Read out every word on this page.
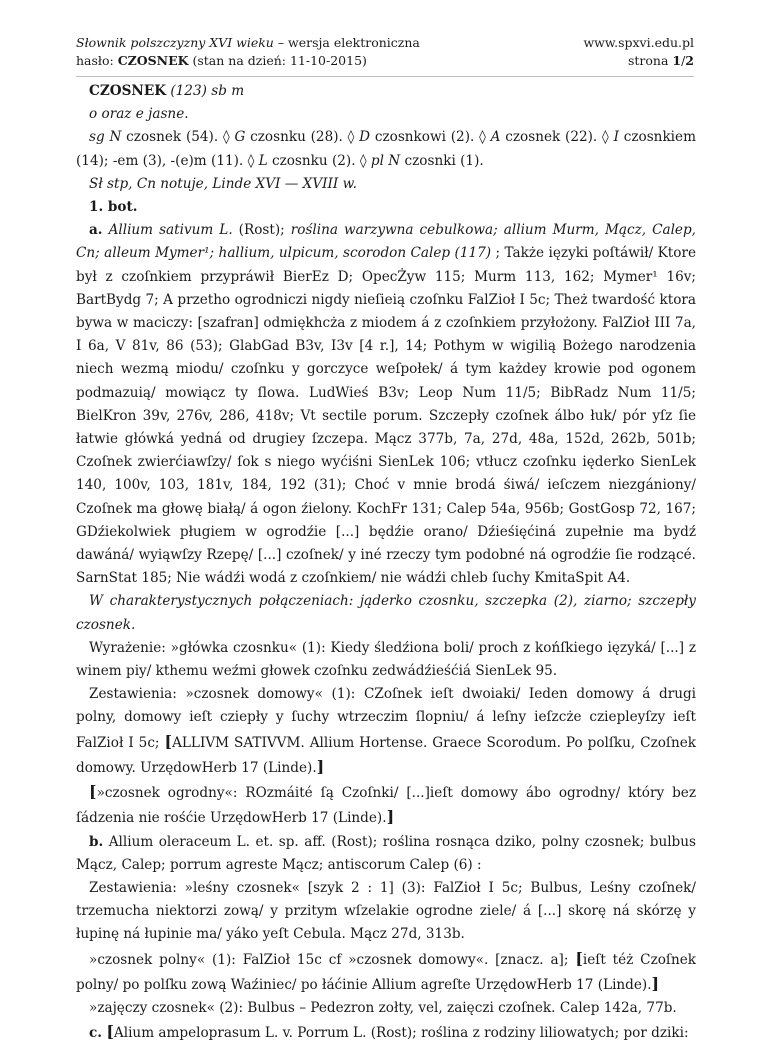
Słownik polszczyzny XVI wieku – wersja elektroniczna
hasło: CZOSNEK (stan na dzień: 11-10-2015)
www.spxvi.edu.pl
strona 1/2

CZOSNEK (123) sb m

o oraz e jasne.

sg N czosnek (54). ◊ G czosnku (28). ◊ D czosnkowi (2). ◊ A czosnek (22). ◊ I czosnkiem (14); -em (3), -(e)m (11). ◊ L czosnku (2). ◊ pl N czosnki (1).

Sł stp, Cn notuje, Linde XVI — XVIII w.

1. bot.

a. Allium sativum L. (Rost); roślina warzywna cebulkowa; allium Murm, Mącz, Calep, Cn; alleum Mymer¹; hallium, ulpicum, scorodon Calep (117) ; Także ięzyki poſtáwił/ Ktore był z czoſnkiem przypráwił BierEz D; OpecŻyw 115; Murm 113, 162; Mymer¹ 16v; BartBydg 7; A przetho ogrodniczi nigdy nieſieią czoſnku FalZioł I 5c; Theż twardość ktora bywa w maciczy: [szafran] odmiękhcża z miodem á z czoſnkiem przyłożony. FalZioł III 7a, I 6a, V 81v, 86 (53); GlabGad B3v, I3v [4 r.], 14; Pothym w wigilią Bożego narodzenia niech wezmą miodu/ czoſnku y gorczyce weſpołek/ á tym każdey krowie pod ogonem podmazuią/ mowiącz ty ſlowa. LudWieś B3v; Leop Num 11/5; BibRadz Num 11/5; BielKron 39v, 276v, 286, 418v; Vt sectile porum. Szczepły czoſnek álbo łuk/ pór yſz ſie łatwie główká yedná od drugiey ſzczepa. Mącz 377b, 7a, 27d, 48a, 152d, 262b, 501b; Czoſnek zwierćiawſzy/ ſok s niego wyćiśni SienLek 106; vtłucz czoſnku ięderko SienLek 140, 100v, 103, 181v, 184, 192 (31); Choć v mnie brodá śiwá/ ieſczem niezgániony/ Czoſnek ma głowę białą/ á ogon źielony. KochFr 131; Calep 54a, 956b; GostGosp 72, 167; GDźiekolwiek pługiem w ogrodźie [...] będźie orano/ Dźieśięćiná zupełnie ma bydź dawáná/ wyiąwſzy Rzepę/ [...] czoſnek/ y iné rzeczy tym podobné ná ogrodźie ſie rodzącé. SarnStat 185; Nie wádźi wodá z czoſnkiem/ nie wádźi chleb ſuchy KmitaSpit A4.

W charakterystycznych połączeniach: jąderko czosnku, szczepka (2), ziarno; szczepły czosnek.

Wyrażenie: »główka czosnku« (1): Kiedy śledźiona boli/ proch z końſkiego ięzyká/ [...] z winem piy/ kthemu weźmi głowek czoſnku zedwádźieśćiá SienLek 95.

Zestawienia: »czosnek domowy« (1): CZoſnek ieſt dwoiaki/ Ieden domowy á drugi polny, domowy ieſt cziepły y ſuchy wtrzeczim ſlopniu/ á leſny ieſzcże cziepleyſzy ieſt FalZioł I 5c; [ALLIVM SATIVVM. Allium Hortense. Graece Scorodum. Po polſku, Czoſnek domowy. UrzędowHerb 17 (Linde).]

[»czosnek ogrodny«: ROzmáité ſą Czoſnki/ [...]ieſt domowy ábo ogrodny/ który bez ſádzenia nie rośćie UrzędowHerb 17 (Linde).]

b. Allium oleraceum L. et. sp. aff. (Rost); roślina rosnąca dziko, polny czosnek; bulbus Mącz, Calep; porrum agreste Mącz; antiscorum Calep (6) :

Zestawienia: »leśny czosnek« [szyk 2 : 1] (3): FalZioł I 5c; Bulbus, Leśny czoſnek/ trzemucha niektorzi zową/ y przitym wſzelakie ogrodne ziele/ á [...] skorę ná skórzę y łupinę ná łupinie ma/ yáko yeſt Cebula. Mącz 27d, 313b.

»czosnek polny« (1): FalZioł 15c cf »czosnek domowy«. [znacz. a]; [ieſt téż Czoſnek polny/ po polſku zową Waźiniec/ po łáćinie Allium agreſte UrzędowHerb 17 (Linde).]

»zajęczy czosnek« (2): Bulbus – Pedezron zołty, vel, zaięczi czoſnek. Calep 142a, 77b.

c. [Alium ampeloprasum L. v. Porrum L. (Rost); roślina z rodziny liliowatych; por dziki:
